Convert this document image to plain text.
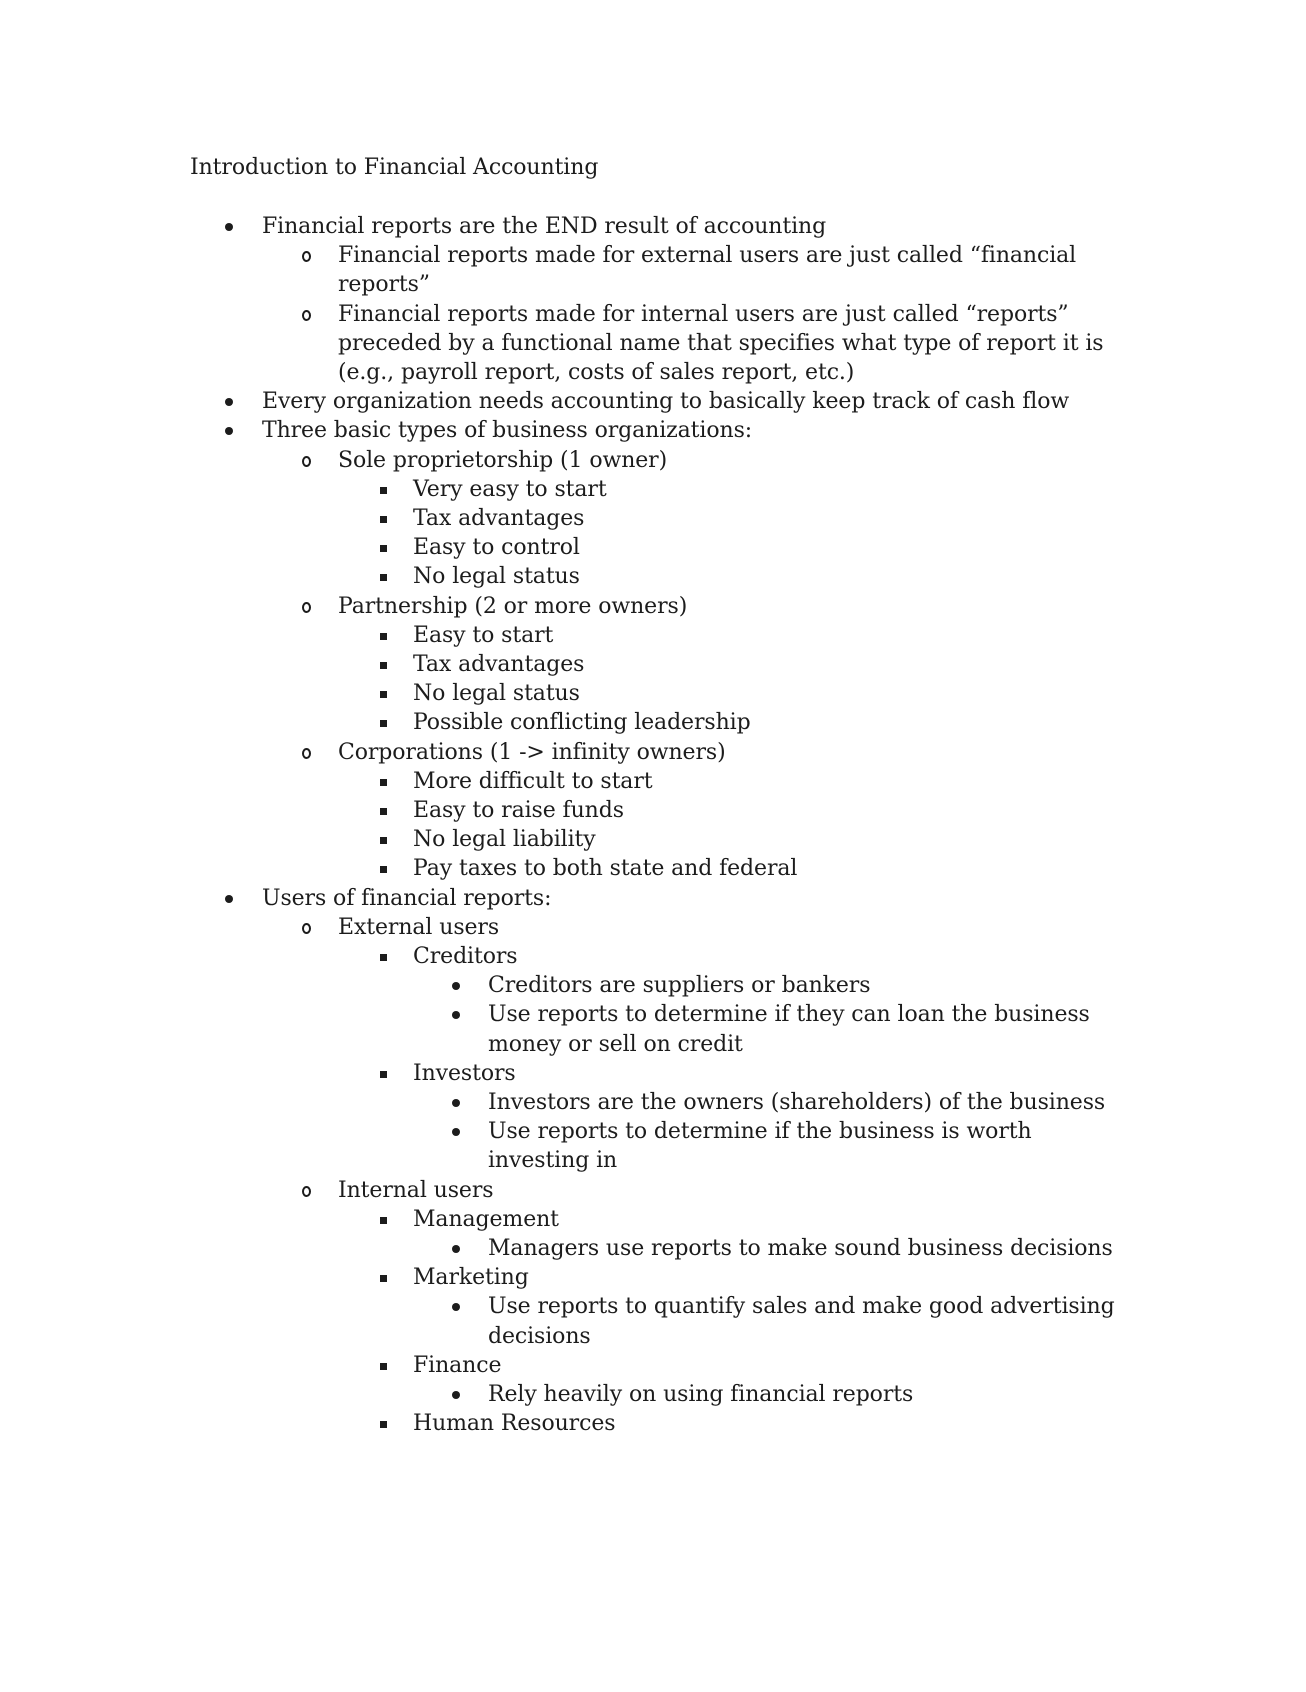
Introduction to Financial Accounting
Financial reports are the END result of accounting
Financial reports made for external users are just called “financial
reports”
Financial reports made for internal users are just called “reports”
preceded by a functional name that specifies what type of report it is
(e.g., payroll report, costs of sales report, etc.)
Every organization needs accounting to basically keep track of cash flow
Three basic types of business organizations:
Sole proprietorship (1 owner)
Very easy to start
Tax advantages
Easy to control
No legal status
Partnership (2 or more owners)
Easy to start
Tax advantages
No legal status
Possible conflicting leadership
Corporations (1 -> infinity owners)
More difficult to start
Easy to raise funds
No legal liability
Pay taxes to both state and federal
Users of financial reports:
External users
Creditors
Creditors are suppliers or bankers
Use reports to determine if they can loan the business
money or sell on credit
Investors
Investors are the owners (shareholders) of the business
Use reports to determine if the business is worth
investing in
Internal users
Management
Managers use reports to make sound business decisions
Marketing
Use reports to quantify sales and make good advertising
decisions
Finance
Rely heavily on using financial reports
Human Resources
